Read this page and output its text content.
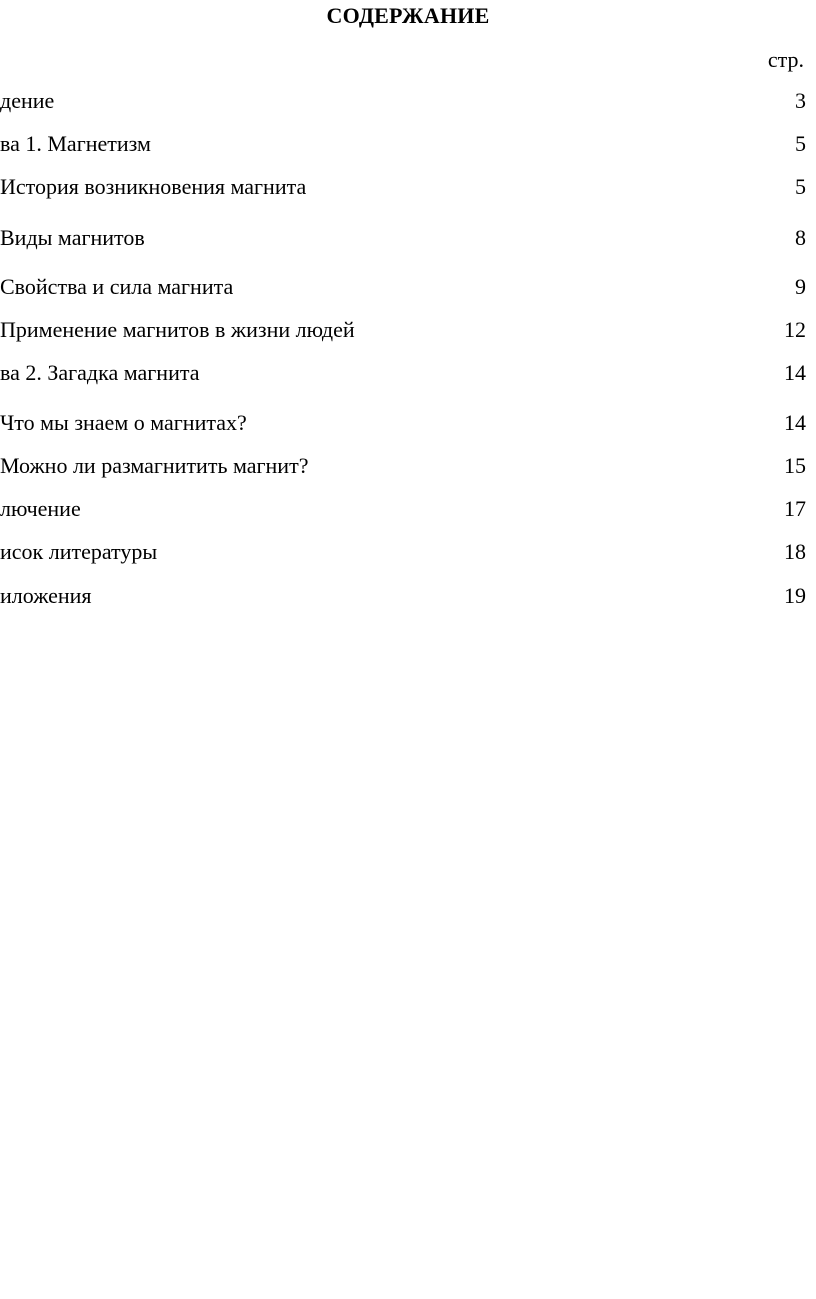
СОДЕРЖАНИЕ
стр.
дение	3
ва 1. Магнетизм	5
История возникновения магнита	5
Виды магнитов	8
Свойства и сила магнита	9
Применение магнитов в жизни людей	12
ва 2. Загадка магнита	14
Что мы знаем о магнитах?	14
Можно ли размагнитить магнит?	15
лючение	17
исок литературы	18
иложения	19
